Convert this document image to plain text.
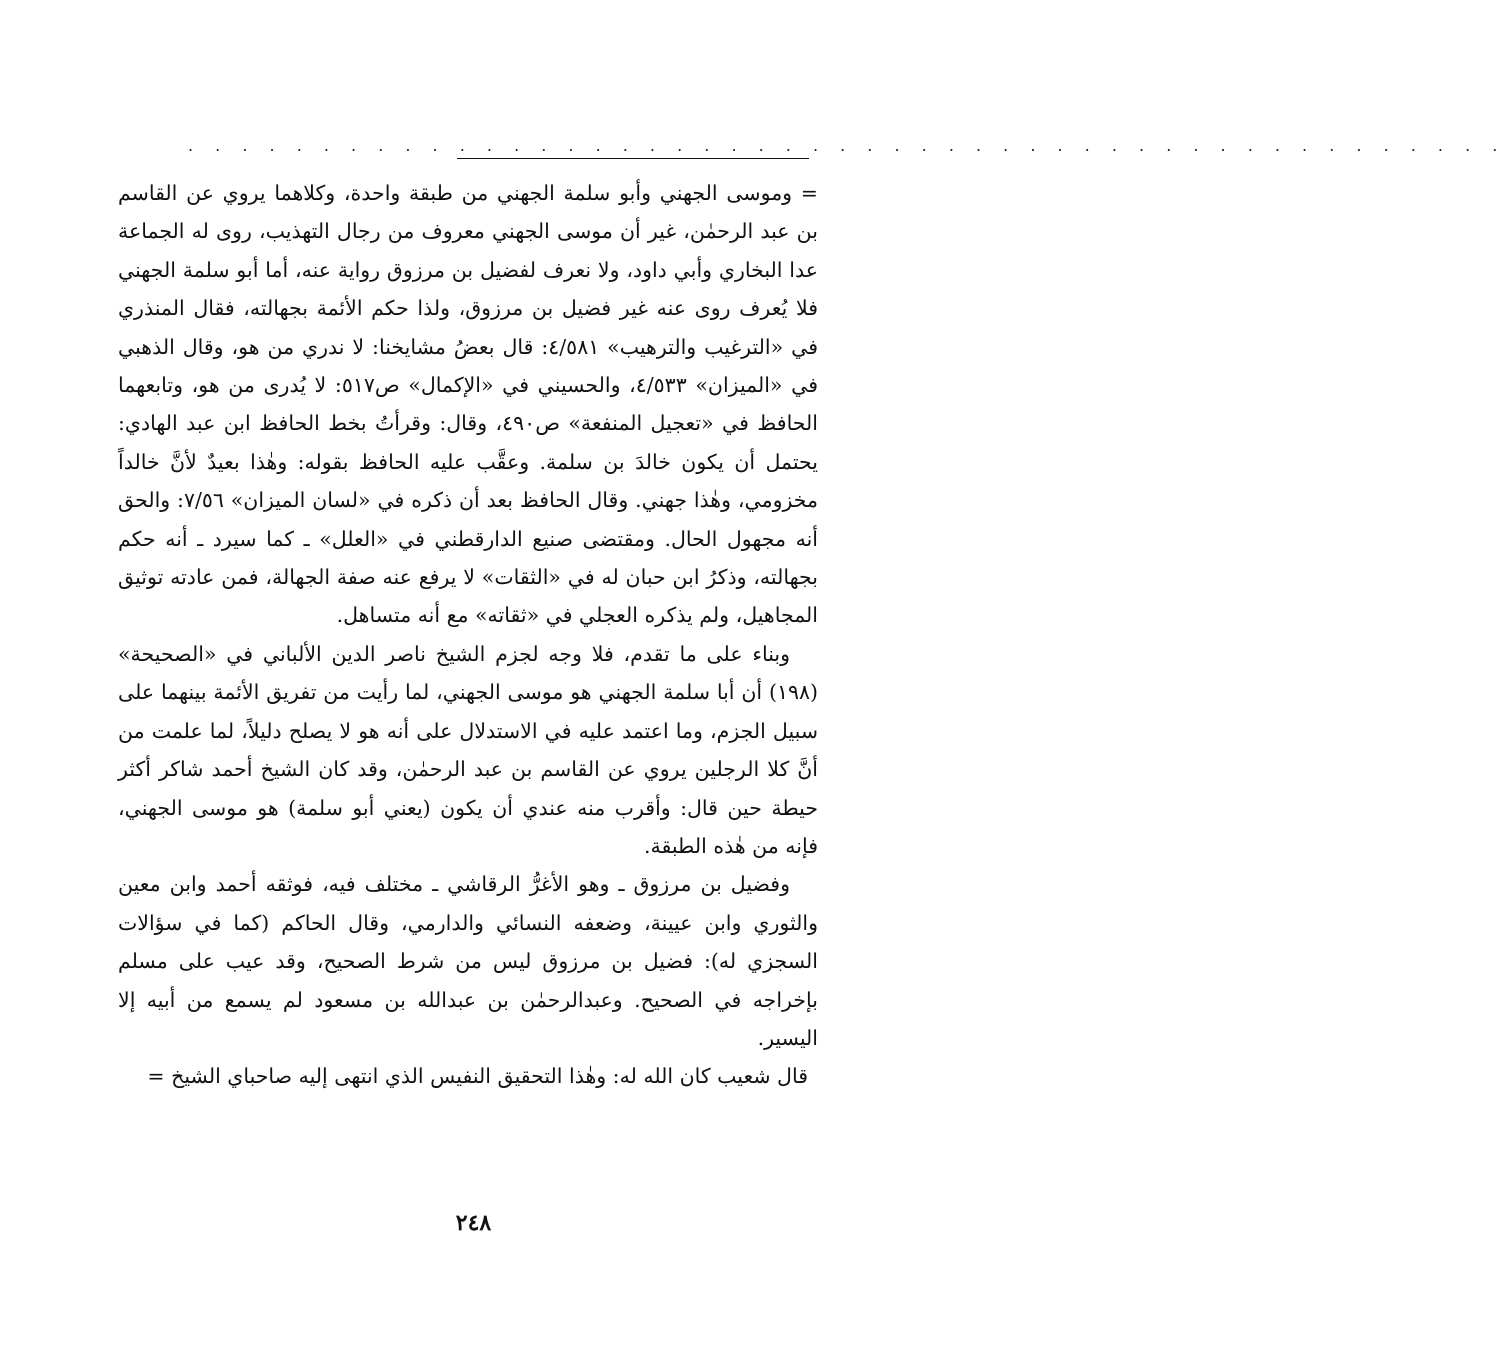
. . . . . . . . . . . . . . . . . . . . . . . . . . . . . . . . . . . . . . . . . . . . . . . . .

= وموسى الجهني وأبو سلمة الجهني من طبقة واحدة، وكلاهما يروي عن القاسم بن عبد الرحمٰن، غير أن موسى الجهني معروف من رجال التهذيب، روى له الجماعة عدا البخاري وأبي داود، ولا نعرف لفضيل بن مرزوق رواية عنه، أما أبو سلمة الجهني فلا يُعرف روى عنه غير فضيل بن مرزوق، ولذا حكم الأئمة بجهالته، فقال المنذري في «الترغيب والترهيب» ٤/٥٨١: قال بعضُ مشايخنا: لا ندري من هو، وقال الذهبي في «الميزان» ٤/٥٣٣، والحسيني في «الإكمال» ص٥١٧: لا يُدرى من هو، وتابعهما الحافظ في «تعجيل المنفعة» ص٤٩٠، وقال: وقرأتُ بخط الحافظ ابن عبد الهادي: يحتمل أن يكون خالدَ بن سلمة. وعقَّب عليه الحافظ بقوله: وهٰذا بعيدٌ لأنَّ خالداً مخزومي، وهٰذا جهني. وقال الحافظ بعد أن ذكره في «لسان الميزان» ٧/٥٦: والحق أنه مجهول الحال. ومقتضى صنيع الدارقطني في «العلل» ـ كما سيرد ـ أنه حكم بجهالته، وذكرُ ابن حبان له في «الثقات» لا يرفع عنه صفة الجهالة، فمن عادته توثيق المجاهيل، ولم يذكره العجلي في «ثقاته» مع أنه متساهل.

وبناء على ما تقدم، فلا وجه لجزم الشيخ ناصر الدين الألباني في «الصحيحة» (١٩٨) أن أبا سلمة الجهني هو موسى الجهني، لما رأيت من تفريق الأئمة بينهما على سبيل الجزم، وما اعتمد عليه في الاستدلال على أنه هو لا يصلح دليلاً، لما علمت من أنَّ كلا الرجلين يروي عن القاسم بن عبد الرحمٰن، وقد كان الشيخ أحمد شاكر أكثر حيطة حين قال: وأقرب منه عندي أن يكون (يعني أبو سلمة) هو موسى الجهني، فإنه من هٰذه الطبقة.

وفضيل بن مرزوق ـ وهو الأغرُّ الرقاشي ـ مختلف فيه، فوثقه أحمد وابن معين والثوري وابن عيينة، وضعفه النسائي والدارمي، وقال الحاكم (كما في سؤالات السجزي له): فضيل بن مرزوق ليس من شرط الصحيح، وقد عيب على مسلم بإخراجه في الصحيح. وعبدالرحمٰن بن عبدالله بن مسعود لم يسمع من أبيه إلا اليسير.

قال شعيب كان الله له: وهٰذا التحقيق النفيس الذي انتهى إليه صاحباي الشيخ =

٢٤٨
